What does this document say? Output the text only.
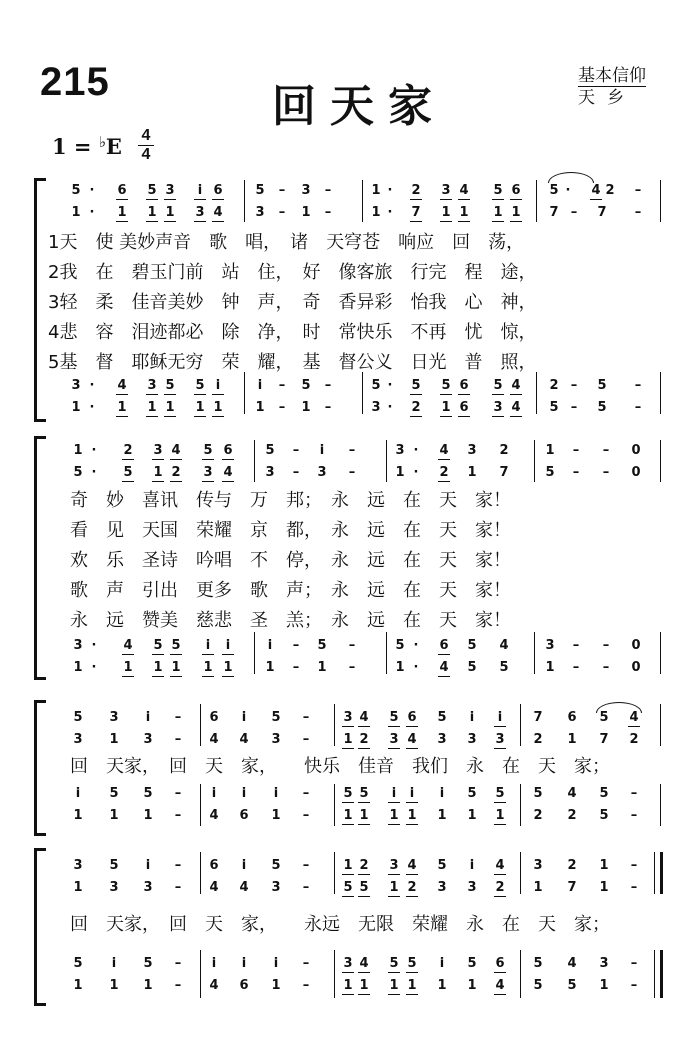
215	回天家
基本信仰
天乡
1 = ♭E 4
4
5 · 6 5 3 i 6	5 – 3 –	1 · 2 3 4 5 6 5 · 4 2 –
1 · 1 1 1 3 4	3 – 1 –	1 · 7 1 1 1 1 7 – 7 –
1天　使 美妙声音　歌　唱，　诸　天穹苍　响应　回　荡，
2我　在　碧玉门前　站　住，　好　像客旅　行完　程　途，
3轻　柔　佳音美妙　钟　声，　奇　香异彩　怡我　心　神，
4悲　容　泪迹都必　除　净，　时　常快乐　不再　忧　惊，
5基　督　耶稣无穷　荣　耀，　基　督公义　日光　普　照，
3 · 4 3 5 5 i	i – 5 –	5 · 5 5 6 5 4 2 – 5 –
1 · 1 1 1 1 1	1 – 1 –	3 · 2 1 6 3 4 5 – 5 –
1 · 2 3 4 5 6	5 – i –	3 · 4 3 2	1 – – 0
5 · 5 1 2 3 4	3 – 3 –	1 · 2 1 7	5 – – 0
奇　妙　喜讯　传与　万　邦；　永　远　在　天　家！
看　见　天国　荣耀　京　都，　永　远　在　天　家！
欢　乐　圣诗　吟唱　不　停，　永　远　在　天　家！
歌　声　引出　更多　歌　声；　永　远　在　天　家！
永　远　赞美　慈悲　圣　羔；　永　远　在　天　家！
3 · 4 5 5 i i	i – 5 –	5 · 6 5 4	3 – – 0
1 · 1 1 1 1 1	1 – 1 –	1 · 4 5 5	1 – – 0
5 3 i – 6 i 5 –	3 4 5 6 5 i i 7 6 5 4
3 1 3 – 4 4 3 –	1 2 3 4 3 3 3 2 1 7 2
回　天家，　回　天　家，　　快乐　佳音　我们　永　在　天　家；
i 5 5 – i i i –	5 5 i i i 5 5 5 4 5 –
1 1 1 – 4 6 1 –	1 1 1 1 1 1 1 2 2 5 –
3 5 i – 6 i 5 –	1 2 3 4 5 i 4 3 2 1 –
1 3 3 – 4 4 3 –	5 5 1 2 3 3 2 1 7 1 –
回　天家，　回　天　家，　　永远　无限　荣耀　永　在　天　家；
5 i 5 – i i i –	3 4 5 5 i 5 6 5 4 3 –
1 1 1 – 4 6 1 –	1 1 1 1 1 1 4 5 5 1 –
